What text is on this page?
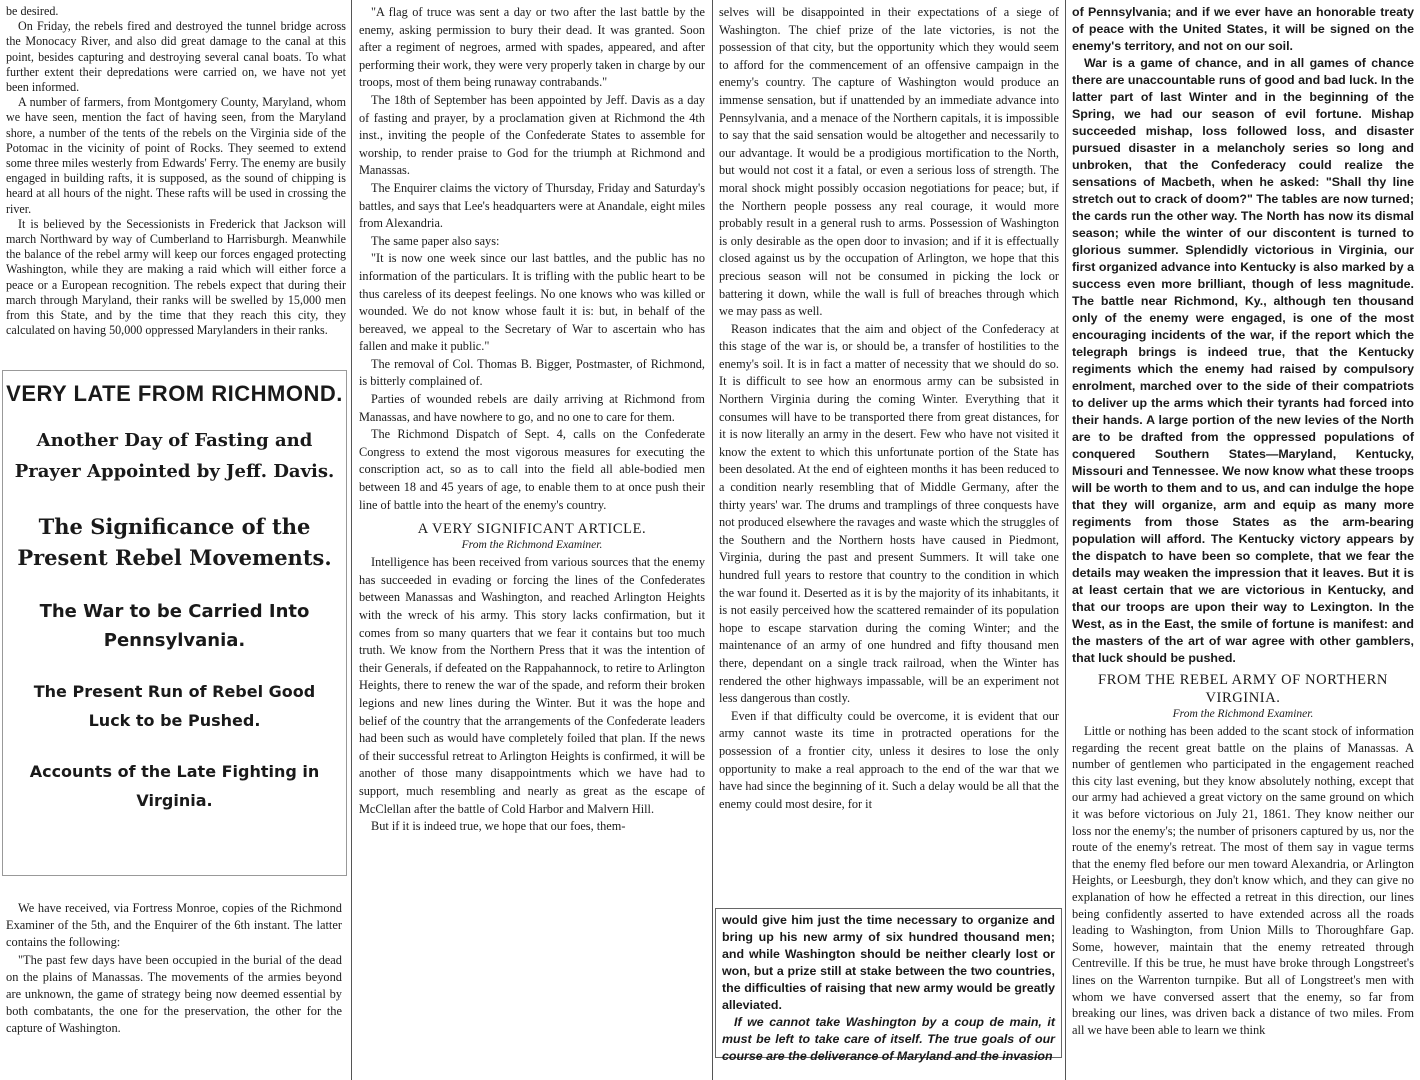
be desired.

On Friday, the rebels fired and destroyed the tunnel bridge across the Monocacy River, and also did great damage to the canal at this point, besides capturing and destroying several canal boats. To what further extent their depredations were carried on, we have not yet been informed.

A number of farmers, from Montgomery County, Maryland, whom we have seen, mention the fact of having seen, from the Maryland shore, a number of the tents of the rebels on the Virginia side of the Potomac in the vicinity of point of Rocks. They seemed to extend some three miles westerly from Edwards' Ferry. The enemy are busily engaged in building rafts, it is supposed, as the sound of chipping is heard at all hours of the night. These rafts will be used in crossing the river.

It is believed by the Secessionists in Frederick that Jackson will march Northward by way of Cumberland to Harrisburgh. Meanwhile the balance of the rebel army will keep our forces engaged protecting Washington, while they are making a raid which will either force a peace or a European recognition. The rebels expect that during their march through Maryland, their ranks will be swelled by 15,000 men from this State, and by the time that they reach this city, they calculated on having 50,000 oppressed Marylanders in their ranks.

VERY LATE FROM RICHMOND.
Another Day of Fasting and Prayer Appointed by Jeff. Davis.
The Significance of the Present Rebel Movements.
The War to be Carried Into Pennsylvania.
The Present Run of Rebel Good Luck to be Pushed.
Accounts of the Late Fighting in Virginia.

We have received, via Fortress Monroe, copies of the Richmond Examiner of the 5th, and the Enquirer of the 6th instant. The latter contains the following:

"The past few days have been occupied in the burial of the dead on the plains of Manassas. The movements of the armies beyond are unknown, the game of strategy being now deemed essential by both combatants, the one for the preservation, the other for the capture of Washington.

"A flag of truce was sent a day or two after the last battle by the enemy, asking permission to bury their dead. It was granted. Soon after a regiment of negroes, armed with spades, appeared, and after performing their work, they were very properly taken in charge by our troops, most of them being runaway contrabands."

The 18th of September has been appointed by Jeff. Davis as a day of fasting and prayer, by a proclamation given at Richmond the 4th inst., inviting the people of the Confederate States to assemble for worship, to render praise to God for the triumph at Richmond and Manassas.

The Enquirer claims the victory of Thursday, Friday and Saturday's battles, and says that Lee's headquarters were at Anandale, eight miles from Alexandria.

The same paper also says:

"It is now one week since our last battles, and the public has no information of the particulars. It is trifling with the public heart to be thus careless of its deepest feelings. No one knows who was killed or wounded. We do not know whose fault it is: but, in behalf of the bereaved, we appeal to the Secretary of War to ascertain who has fallen and make it public."

The removal of Col. Thomas B. Bigger, Postmaster, of Richmond, is bitterly complained of.

Parties of wounded rebels are daily arriving at Richmond from Manassas, and have nowhere to go, and no one to care for them.

The Richmond Dispatch of Sept. 4, calls on the Confederate Congress to extend the most vigorous measures for executing the conscription act, so as to call into the field all able-bodied men between 18 and 45 years of age, to enable them to at once push their line of battle into the heart of the enemy's country.

A VERY SIGNIFICANT ARTICLE.
From the Richmond Examiner.

Intelligence has been received from various sources that the enemy has succeeded in evading or forcing the lines of the Confederates between Manassas and Washington, and reached Arlington Heights with the wreck of his army. This story lacks confirmation, but it comes from so many quarters that we fear it contains but too much truth. We know from the Northern Press that it was the intention of their Generals, if defeated on the Rappahannock, to retire to Arlington Heights, there to renew the war of the spade, and reform their broken legions and new lines during the Winter. But it was the hope and belief of the country that the arrangements of the Confederate leaders had been such as would have completely foiled that plan. If the news of their successful retreat to Arlington Heights is confirmed, it will be another of those many disappointments which we have had to support, much resembling and nearly as great as the escape of McClellan after the battle of Cold Harbor and Malvern Hill.

But if it is indeed true, we hope that our foes, them-

selves will be disappointed in their expectations of a siege of Washington. The chief prize of the late victories, is not the possession of that city, but the opportunity which they would seem to afford for the commencement of an offensive campaign in the enemy's country. The capture of Washington would produce an immense sensation, but if unattended by an immediate advance into Pennsylvania, and a menace of the Northern capitals, it is impossible to say that the said sensation would be altogether and necessarily to our advantage. It would be a prodigious mortification to the North, but would not cost it a fatal, or even a serious loss of strength. The moral shock might possibly occasion negotiations for peace; but, if the Northern people possess any real courage, it would more probably result in a general rush to arms. Possession of Washington is only desirable as the open door to invasion; and if it is effectually closed against us by the occupation of Arlington, we hope that this precious season will not be consumed in picking the lock or battering it down, while the wall is full of breaches through which we may pass as well.

Reason indicates that the aim and object of the Confederacy at this stage of the war is, or should be, a transfer of hostilities to the enemy's soil. It is in fact a matter of necessity that we should do so. It is difficult to see how an enormous army can be subsisted in Northern Virginia during the coming Winter. Everything that it consumes will have to be transported there from great distances, for it is now literally an army in the desert. Few who have not visited it know the extent to which this unfortunate portion of the State has been desolated. At the end of eighteen months it has been reduced to a condition nearly resembling that of Middle Germany, after the thirty years' war. The drums and tramplings of three conquests have not produced elsewhere the ravages and waste which the struggles of the Southern and the Northern hosts have caused in Piedmont, Virginia, during the past and present Summers. It will take one hundred full years to restore that country to the condition in which the war found it. Deserted as it is by the majority of its inhabitants, it is not easily perceived how the scattered remainder of its population hope to escape starvation during the coming Winter; and the maintenance of an army of one hundred and fifty thousand men there, dependant on a single track railroad, when the Winter has rendered the other highways impassable, will be an experiment not less dangerous than costly.

Even if that difficulty could be overcome, it is evident that our army cannot waste its time in protracted operations for the possession of a frontier city, unless it desires to lose the only opportunity to make a real approach to the end of the war that we have had since the beginning of it. Such a delay would be all that the enemy could most desire, for it

would give him just the time necessary to organize and bring up his new army of six hundred thousand men; and while Washington should be neither clearly lost or won, but a prize still at stake between the two countries, the difficulties of raising that new army would be greatly alleviated.

If we cannot take Washington by a coup de main, it must be left to take care of itself. The true goals of our course are the deliverance of Maryland and the invasion

of Pennsylvania; and if we ever have an honorable treaty of peace with the United States, it will be signed on the enemy's territory, and not on our soil.

War is a game of chance, and in all games of chance there are unaccountable runs of good and bad luck. In the latter part of last Winter and in the beginning of the Spring, we had our season of evil fortune. Mishap succeeded mishap, loss followed loss, and disaster pursued disaster in a melancholy series so long and unbroken, that the Confederacy could realize the sensations of Macbeth, when he asked: "Shall thy line stretch out to crack of doom?" The tables are now turned; the cards run the other way. The North has now its dismal season; while the winter of our discontent is turned to glorious summer. Splendidly victorious in Virginia, our first organized advance into Kentucky is also marked by a success even more brilliant, though of less magnitude. The battle near Richmond, Ky., although ten thousand only of the enemy were engaged, is one of the most encouraging incidents of the war, if the report which the telegraph brings is indeed true, that the Kentucky regiments which the enemy had raised by compulsory enrolment, marched over to the side of their compatriots to deliver up the arms which their tyrants had forced into their hands. A large portion of the new levies of the North are to be drafted from the oppressed populations of conquered Southern States—Maryland, Kentucky, Missouri and Tennessee. We now know what these troops will be worth to them and to us, and can indulge the hope that they will organize, arm and equip as many more regiments from those States as the arm-bearing population will afford. The Kentucky victory appears by the dispatch to have been so complete, that we fear the details may weaken the impression that it leaves. But it is at least certain that we are victorious in Kentucky, and that our troops are upon their way to Lexington. In the West, as in the East, the smile of fortune is manifest: and the masters of the art of war agree with other gamblers, that luck should be pushed.

FROM THE REBEL ARMY OF NORTHERN VIRGINIA.
From the Richmond Examiner.

Little or nothing has been added to the scant stock of information regarding the recent great battle on the plains of Manassas. A number of gentlemen who participated in the engagement reached this city last evening, but they know absolutely nothing, except that our army had achieved a great victory on the same ground on which it was before victorious on July 21, 1861. They know neither our loss nor the enemy's; the number of prisoners captured by us, nor the route of the enemy's retreat. The most of them say in vague terms that the enemy fled before our men toward Alexandria, or Arlington Heights, or Leesburgh, they don't know which, and they can give no explanation of how he effected a retreat in this direction, our lines being confidently asserted to have extended across all the roads leading to Washington, from Union Mills to Thoroughfare Gap. Some, however, maintain that the enemy retreated through Centreville. If this be true, he must have broke through Longstreet's lines on the Warrenton turnpike. But all of Longstreet's men with whom we have conversed assert that the enemy, so far from breaking our lines, was driven back a distance of two miles. From all we have been able to learn we think
